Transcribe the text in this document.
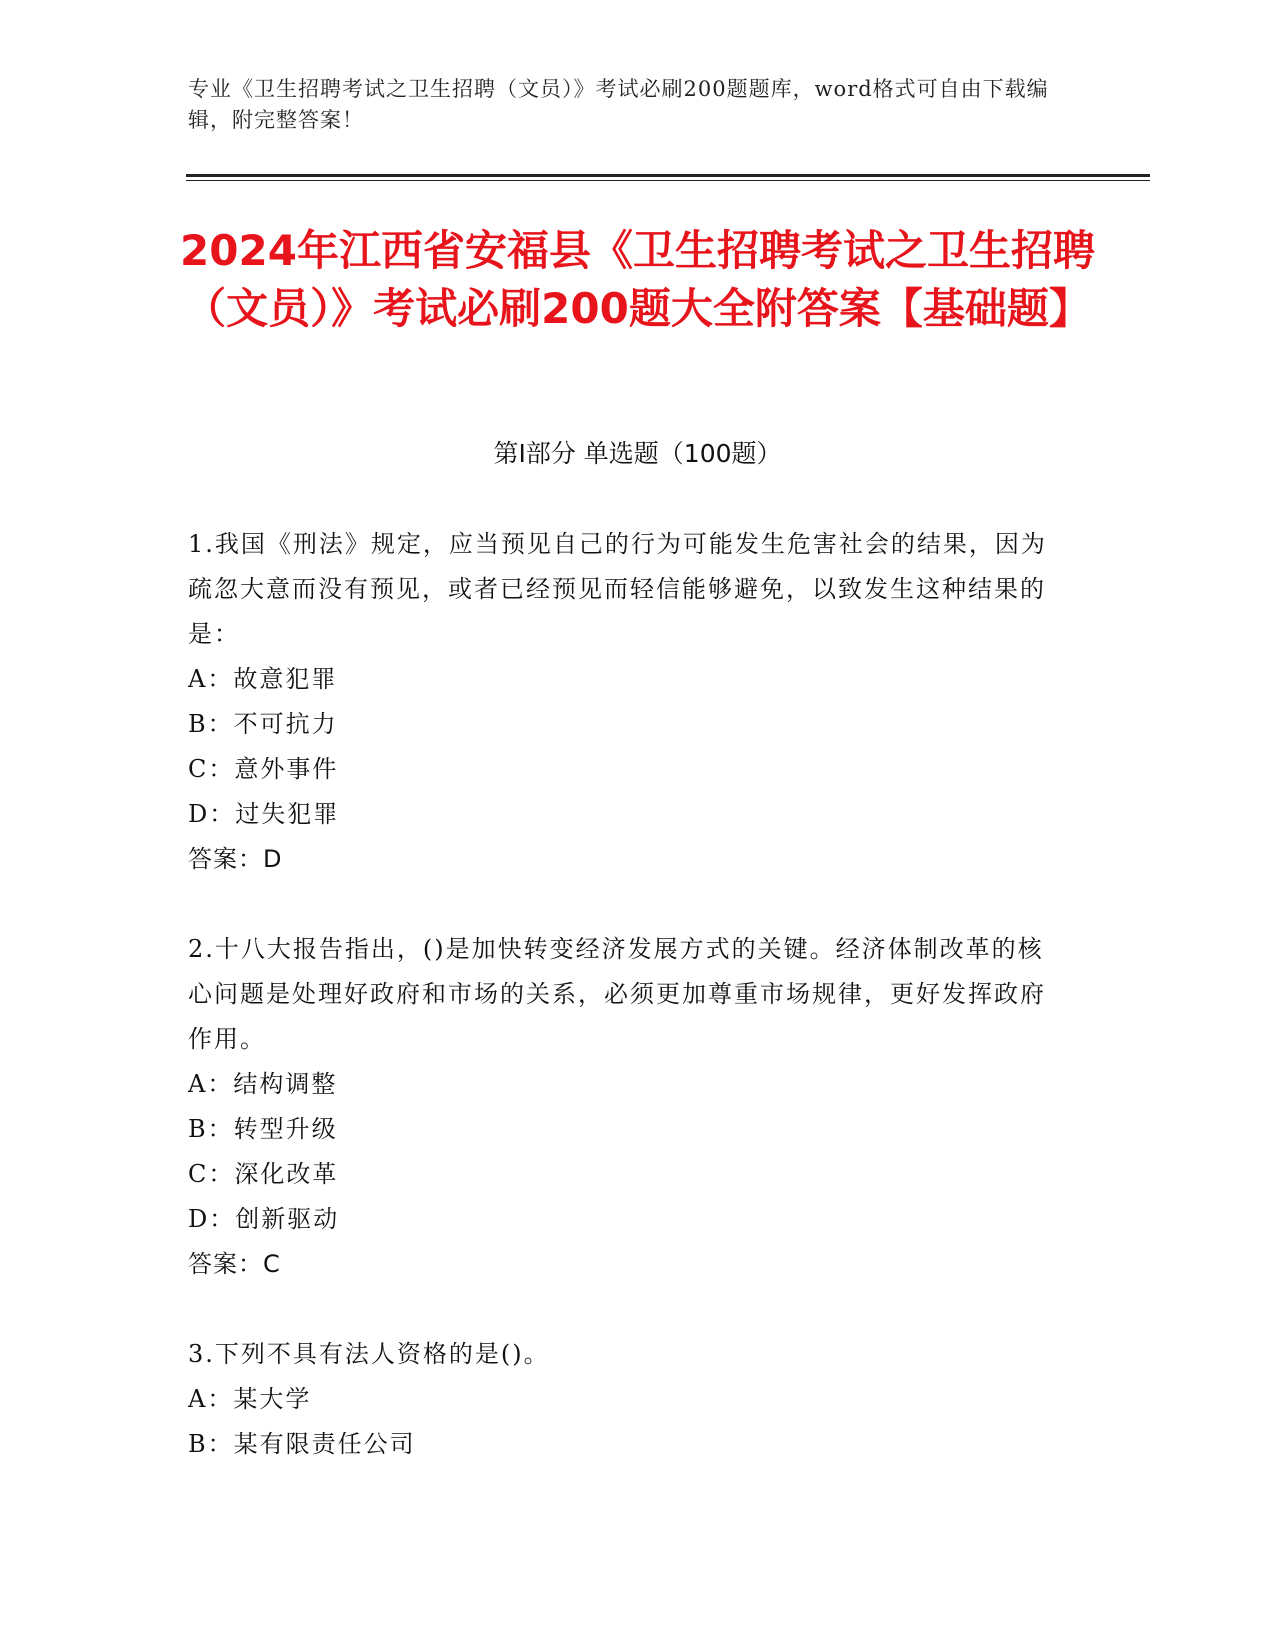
专业《卫生招聘考试之卫生招聘（文员）》考试必刷200题题库，word格式可自由下载编辑，附完整答案！
2024年江西省安福县《卫生招聘考试之卫生招聘（文员）》考试必刷200题大全附答案【基础题】
第Ⅰ部分 单选题（100题）
1.我国《刑法》规定，应当预见自己的行为可能发生危害社会的结果，因为疏忽大意而没有预见，或者已经预见而轻信能够避免，以致发生这种结果的是：
A：故意犯罪
B：不可抗力
C：意外事件
D：过失犯罪
答案：D
2.十八大报告指出，()是加快转变经济发展方式的关键。经济体制改革的核心问题是处理好政府和市场的关系，必须更加尊重市场规律，更好发挥政府作用。
A：结构调整
B：转型升级
C：深化改革
D：创新驱动
答案：C
3.下列不具有法人资格的是()。
A：某大学
B：某有限责任公司
